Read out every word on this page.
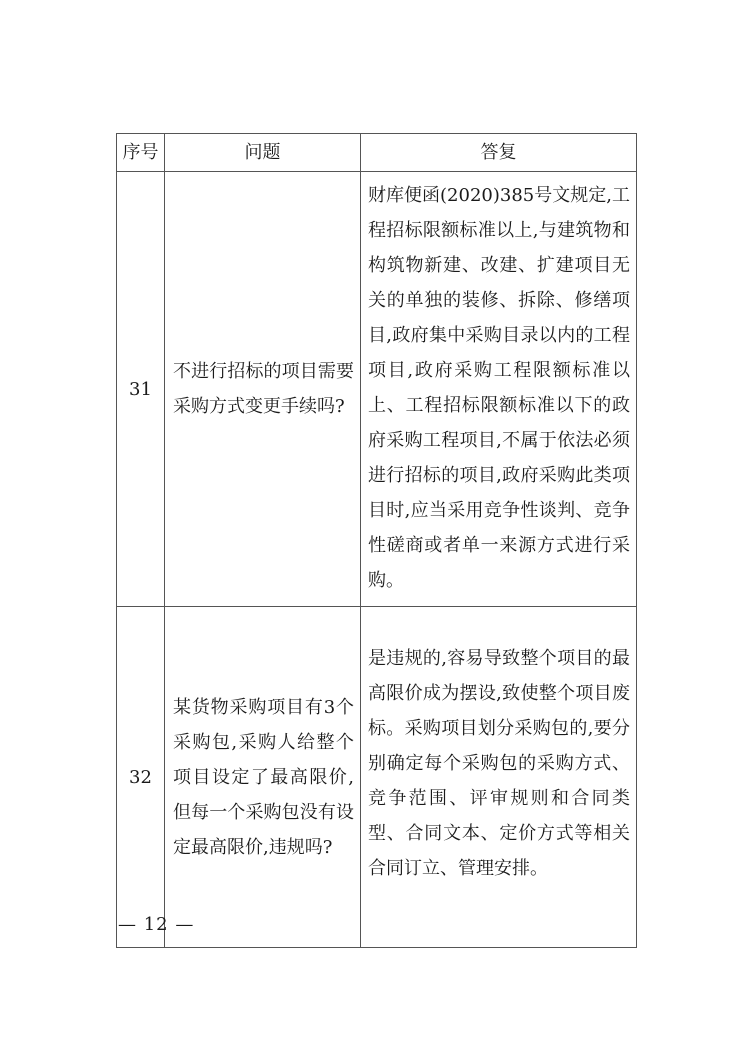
序号	问题	答复
31	不进行招标的项目需要采购方式变更手续吗?	财库便函(2020)385号文规定,工程招标限额标准以上,与建筑物和构筑物新建、改建、扩建项目无关的单独的装修、拆除、修缮项目,政府集中采购目录以内的工程项目,政府采购工程限额标准以上、工程招标限额标准以下的政府采购工程项目,不属于依法必须进行招标的项目,政府采购此类项目时,应当采用竞争性谈判、竞争性磋商或者单一来源方式进行采购。
32	某货物采购项目有3个采购包,采购人给整个项目设定了最高限价,但每一个采购包没有设定最高限价,违规吗?	是违规的,容易导致整个项目的最高限价成为摆设,致使整个项目废标。采购项目划分采购包的,要分别确定每个采购包的采购方式、竞争范围、评审规则和合同类型、合同文本、定价方式等相关合同订立、管理安排。
— 12 —
